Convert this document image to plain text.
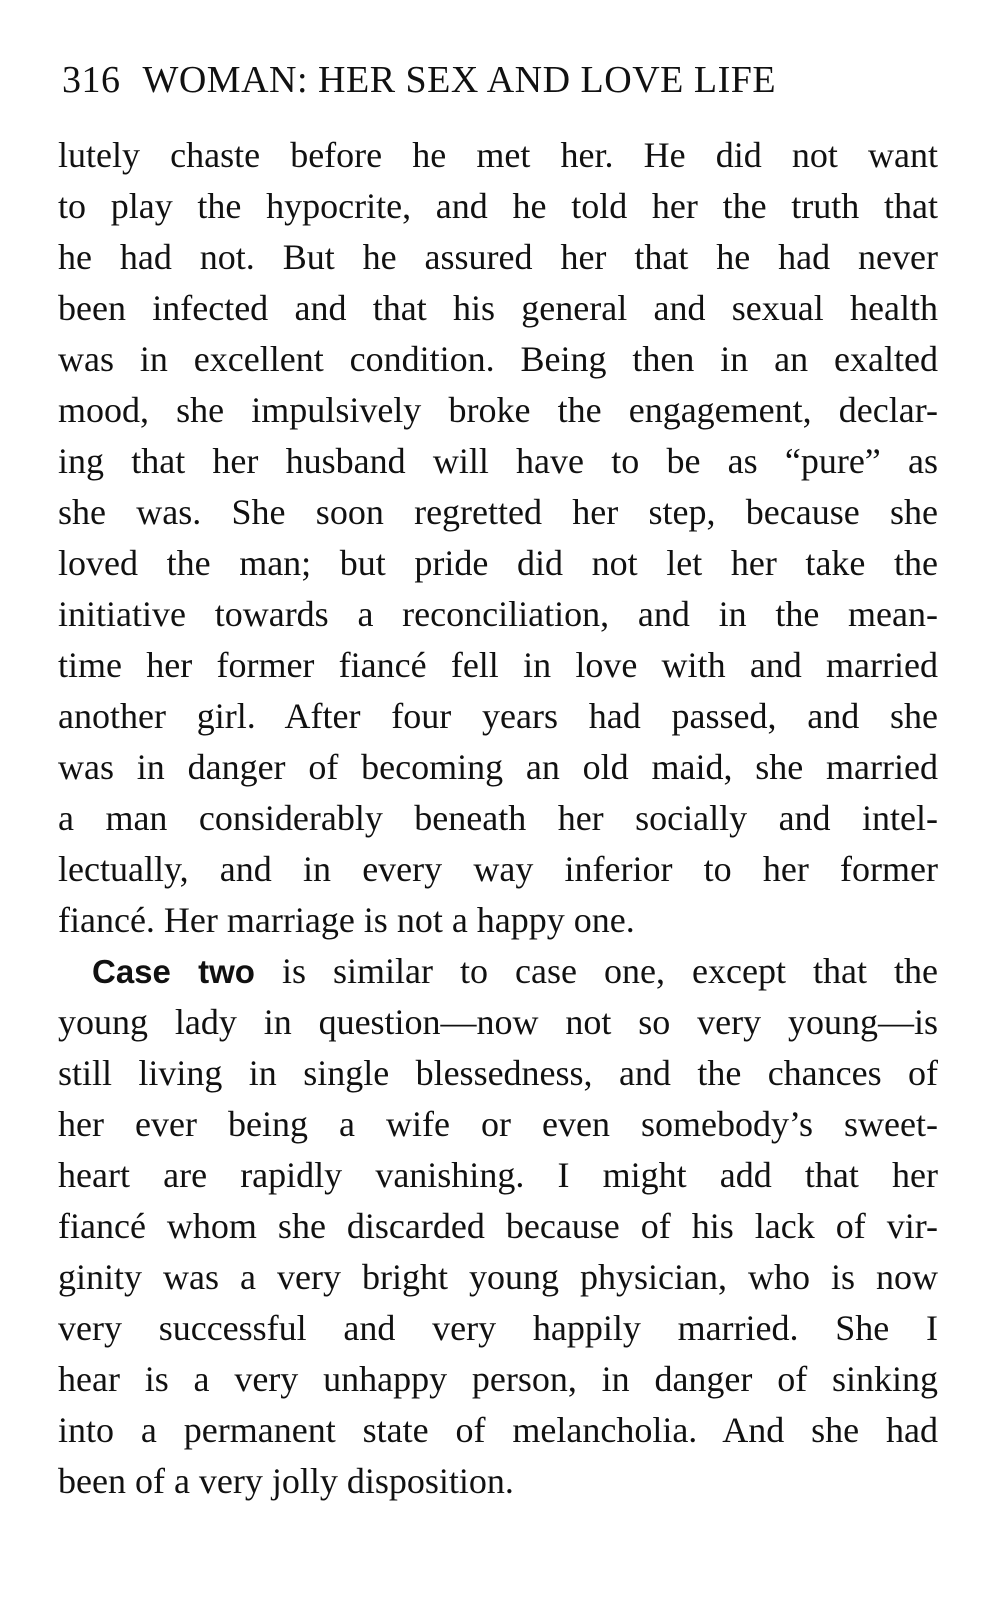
316 WOMAN: HER SEX AND LOVE LIFE
lutely chaste before he met her. He did not want
to play the hypocrite, and he told her the truth that
he had not. But he assured her that he had never
been infected and that his general and sexual health
was in excellent condition. Being then in an exalted
mood, she impulsively broke the engagement, declar-
ing that her husband will have to be as “pure” as
she was. She soon regretted her step, because she
loved the man; but pride did not let her take the
initiative towards a reconciliation, and in the mean-
time her former fiancé fell in love with and married
another girl. After four years had passed, and she
was in danger of becoming an old maid, she married
a man considerably beneath her socially and intel-
lectually, and in every way inferior to her former
fiancé. Her marriage is not a happy one.
Case two is similar to case one, except that the
young lady in question—now not so very young—is
still living in single blessedness, and the chances of
her ever being a wife or even somebody’s sweet-
heart are rapidly vanishing. I might add that her
fiancé whom she discarded because of his lack of vir-
ginity was a very bright young physician, who is now
very successful and very happily married. She I
hear is a very unhappy person, in danger of sinking
into a permanent state of melancholia. And she had
been of a very jolly disposition.
